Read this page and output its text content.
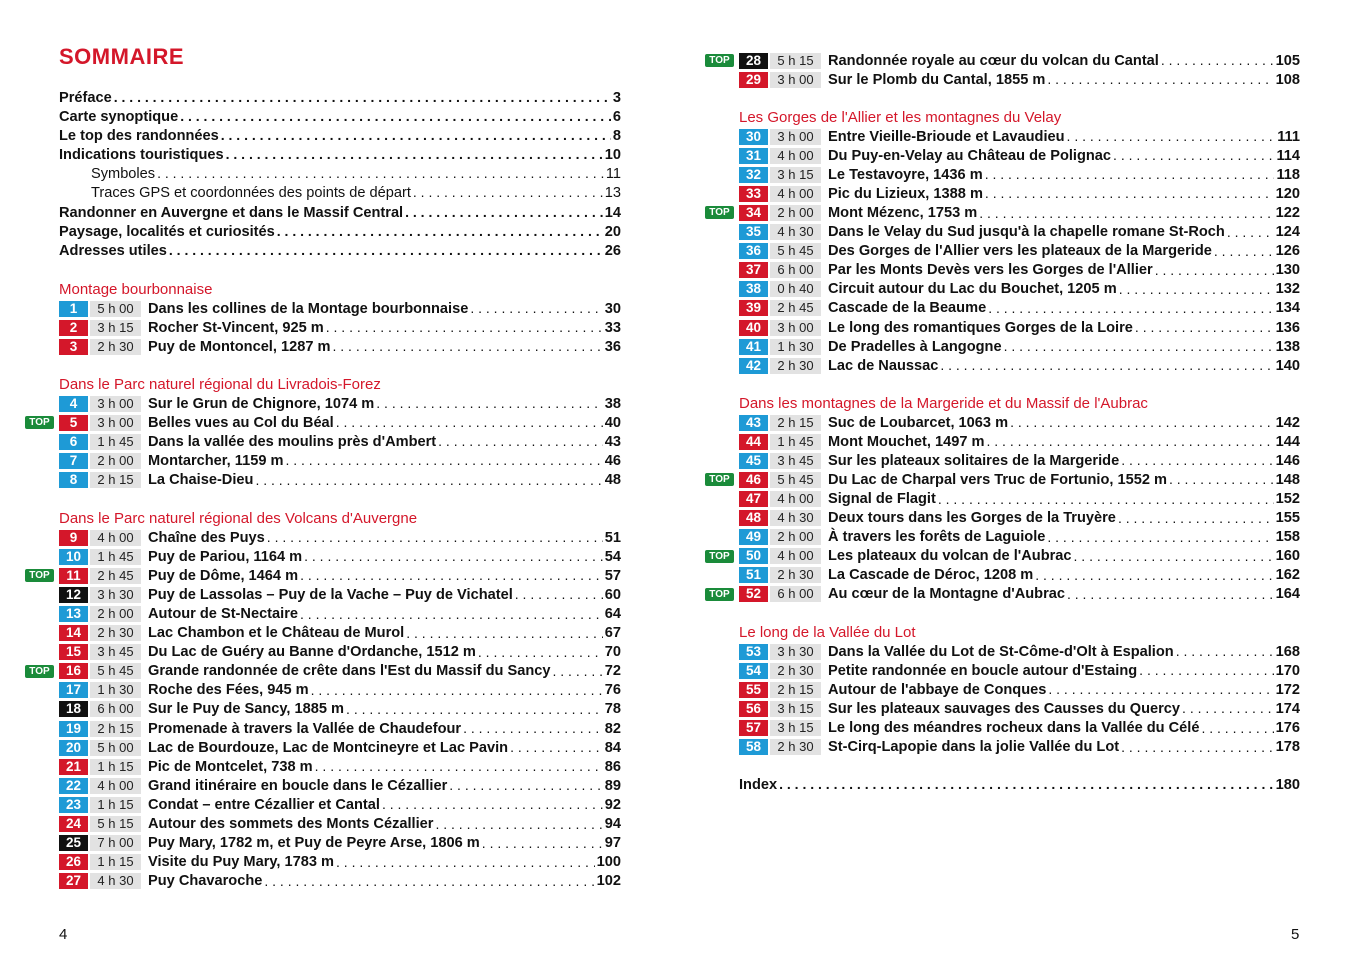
SOMMAIRE
Préface . . .	3
Carte synoptique . . .	6
Le top des randonnées . . .	8
Indications touristiques . . .	10
Symboles . . .	11
Traces GPS et coordonnées des points de départ . . .	13
Randonner en Auvergne et dans le Massif Central . . .	14
Paysage, localités et curiosités . . .	20
Adresses utiles . . .	26
Montage bourbonnaise
1	5 h 00 Dans les collines de la Montage bourbonnaise . . .	30
2	3 h 15 Rocher St-Vincent, 925 m . . .	33
3	2 h 30 Puy de Montoncel, 1287 m . . .	36
Dans le Parc naturel régional du Livradois-Forez
4	3 h 00 Sur le Grun de Chignore, 1074 m . . .	38
TOP	5	3 h 00 Belles vues au Col du Béal . . .	40
6	1 h 45 Dans la vallée des moulins près d'Ambert . . .	43
7	2 h 00 Montarcher, 1159 m . . .	46
8	2 h 15 La Chaise-Dieu . . .	48
Dans le Parc naturel régional des Volcans d'Auvergne
9	4 h 00 Chaîne des Puys . . .	51
10	1 h 45 Puy de Pariou, 1164 m . . .	54
TOP	11	2 h 45 Puy de Dôme, 1464 m . . .	57
12	3 h 30 Puy de Lassolas – Puy de la Vache – Puy de Vichatel . . .	60
13	2 h 00 Autour de St-Nectaire . . .	64
14	2 h 30 Lac Chambon et le Château de Murol . . .	67
15	3 h 45 Du Lac de Guéry au Banne d'Ordanche, 1512 m . . .	70
TOP	16	5 h 45 Grande randonnée de crête dans l'Est du Massif du Sancy . . .	72
17	1 h 30 Roche des Fées, 945 m . . .	76
18	6 h 00 Sur le Puy de Sancy, 1885 m . . .	78
19	2 h 15 Promenade à travers la Vallée de Chaudefour . . .	82
20	5 h 00 Lac de Bourdouze, Lac de Montcineyre et Lac Pavin . . .	84
21	1 h 15 Pic de Montcelet, 738 m . . .	86
22	4 h 00 Grand itinéraire en boucle dans le Cézallier . . .	89
23	1 h 15 Condat – entre Cézallier et Cantal . . .	92
24	5 h 15 Autour des sommets des Monts Cézallier . . .	94
25	7 h 00 Puy Mary, 1782 m, et Puy de Peyre Arse, 1806 m . . .	97
26	1 h 15 Visite du Puy Mary, 1783 m . . .	100
27	4 h 30 Puy Chavaroche . . .	102
4
TOP	28	5 h 15 Randonnée royale au cœur du volcan du Cantal . . .	105
29	3 h 00 Sur le Plomb du Cantal, 1855 m . . .	108
Les Gorges de l'Allier et les montagnes du Velay
30	3 h 00 Entre Vieille-Brioude et Lavaudieu . . .	111
31	4 h 00 Du Puy-en-Velay au Château de Polignac . . .	114
32	3 h 15 Le Testavoyre, 1436 m . . .	118
33	4 h 00 Pic du Lizieux, 1388 m . . .	120
TOP	34	2 h 00 Mont Mézenc, 1753 m . . .	122
35	4 h 30 Dans le Velay du Sud jusqu'à la chapelle romane St-Roch . . .	124
36	5 h 45 Des Gorges de l'Allier vers les plateaux de la Margeride . . .	126
37	6 h 00 Par les Monts Devès vers les Gorges de l'Allier . . .	130
38	0 h 40 Circuit autour du Lac du Bouchet, 1205 m . . .	132
39	2 h 45 Cascade de la Beaume . . .	134
40	3 h 00 Le long des romantiques Gorges de la Loire . . .	136
41	1 h 30 De Pradelles à Langogne . . .	138
42	2 h 30 Lac de Naussac . . .	140
Dans les montagnes de la Margeride et du Massif de l'Aubrac
43	2 h 15 Suc de Loubarcet, 1063 m . . .	142
44	1 h 45 Mont Mouchet, 1497 m . . .	144
45	3 h 45 Sur les plateaux solitaires de la Margeride . . .	146
TOP	46	5 h 45 Du Lac de Charpal vers Truc de Fortunio, 1552 m . . .	148
47	4 h 00 Signal de Flagit . . .	152
48	4 h 30 Deux tours dans les Gorges de la Truyère . . .	155
49	2 h 00 À travers les forêts de Laguiole . . .	158
TOP	50	4 h 00 Les plateaux du volcan de l'Aubrac . . .	160
51	2 h 30 La Cascade de Déroc, 1208 m . . .	162
TOP	52	6 h 00 Au cœur de la Montagne d'Aubrac . . .	164
Le long de la Vallée du Lot
53	3 h 30 Dans la Vallée du Lot de St-Côme-d'Olt à Espalion . . .	168
54	2 h 30 Petite randonnée en boucle autour d'Estaing . . .	170
55	2 h 15 Autour de l'abbaye de Conques . . .	172
56	3 h 15 Sur les plateaux sauvages des Causses du Quercy . . .	174
57	3 h 15 Le long des méandres rocheux dans la Vallée du Célé . . .	176
58	2 h 30 St-Cirq-Lapopie dans la jolie Vallée du Lot . . .	178
Index . . .	180
5
